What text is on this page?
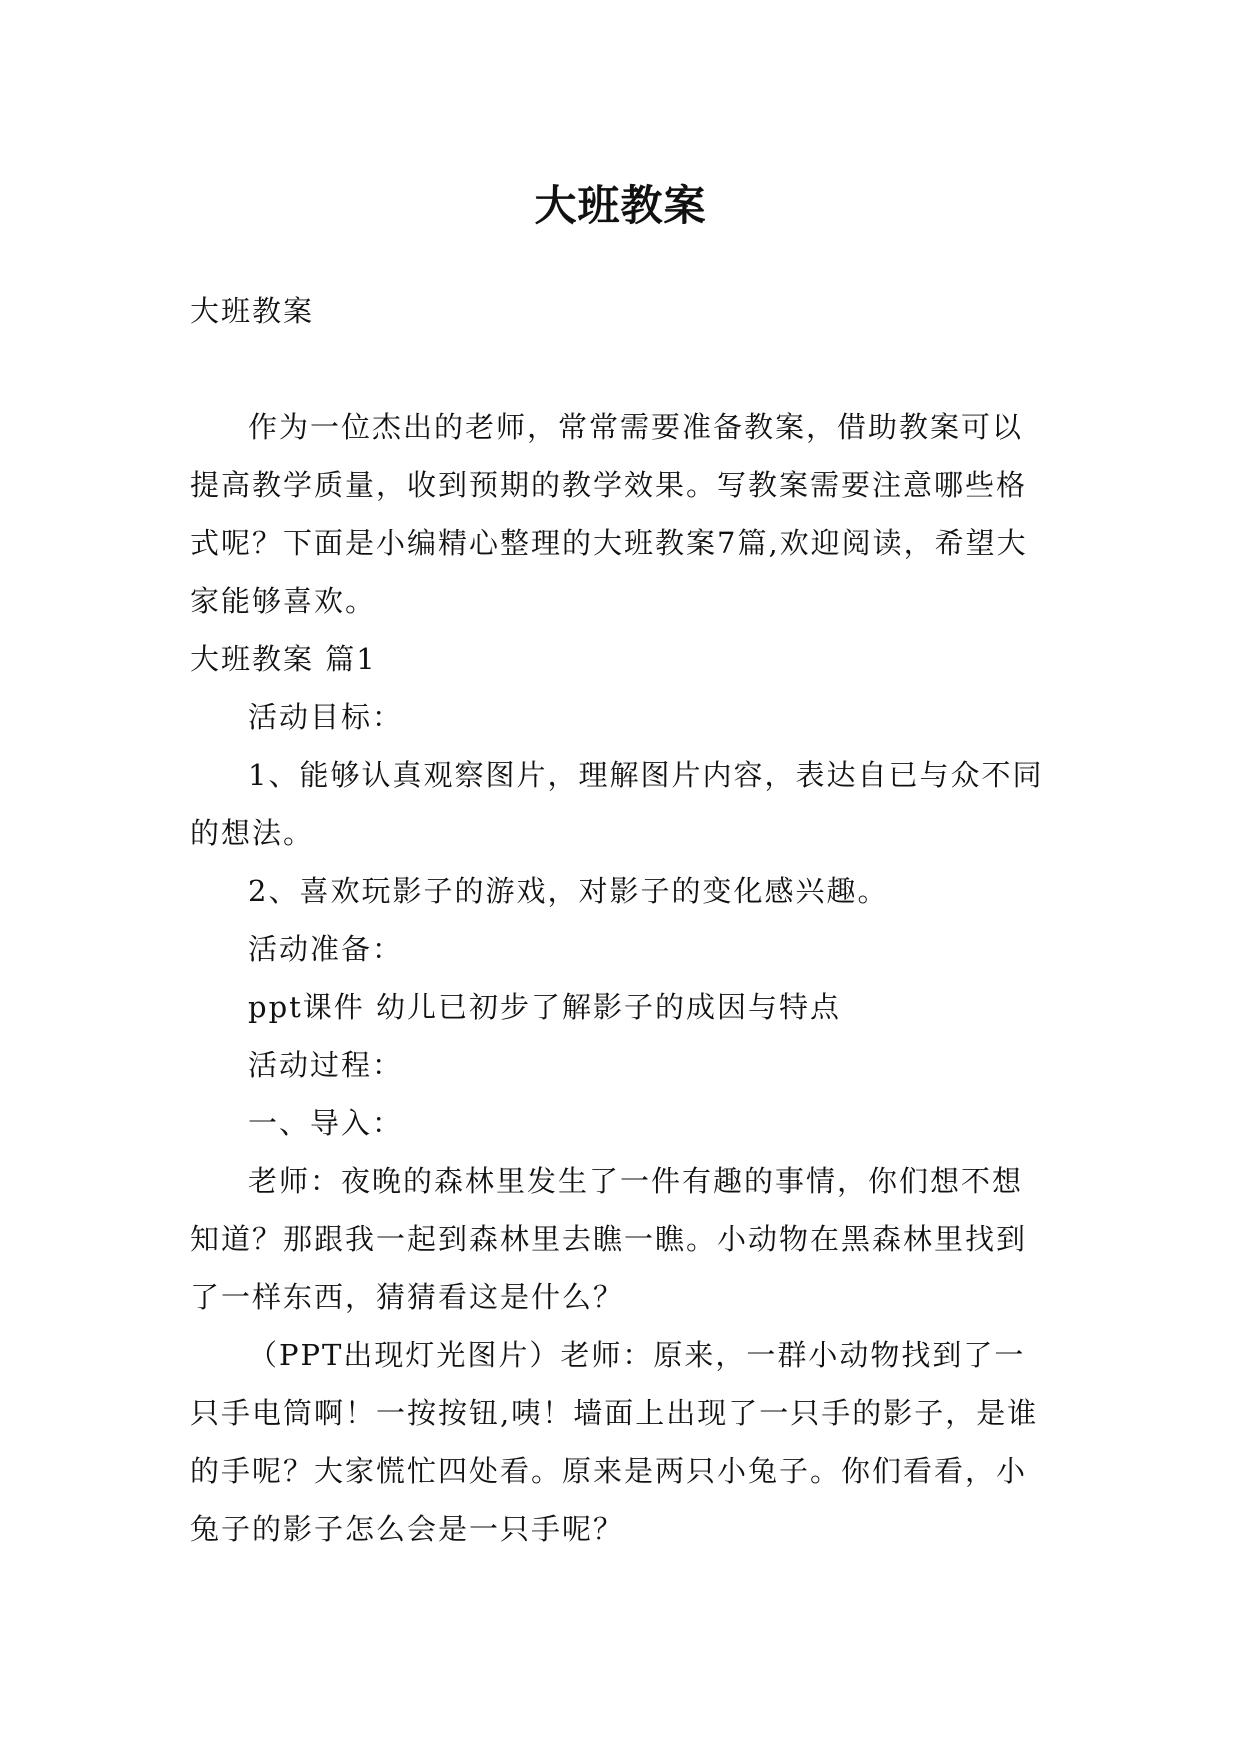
大班教案

大班教案

作为一位杰出的老师，常常需要准备教案，借助教案可以提高教学质量，收到预期的教学效果。写教案需要注意哪些格式呢？下面是小编精心整理的大班教案7篇,欢迎阅读，希望大家能够喜欢。

大班教案 篇1

活动目标：

1、能够认真观察图片，理解图片内容，表达自已与众不同的想法。

2、喜欢玩影子的游戏，对影子的变化感兴趣。

活动准备：

ppt课件 幼儿已初步了解影子的成因与特点

活动过程：

一、导入：

老师：夜晚的森林里发生了一件有趣的事情，你们想不想知道？那跟我一起到森林里去瞧一瞧。小动物在黑森林里找到了一样东西，猜猜看这是什么？

（PPT出现灯光图片）老师：原来，一群小动物找到了一只手电筒啊！一按按钮,咦！墙面上出现了一只手的影子，是谁的手呢？大家慌忙四处看。原来是两只小兔子。你们看看，小兔子的影子怎么会是一只手呢？
